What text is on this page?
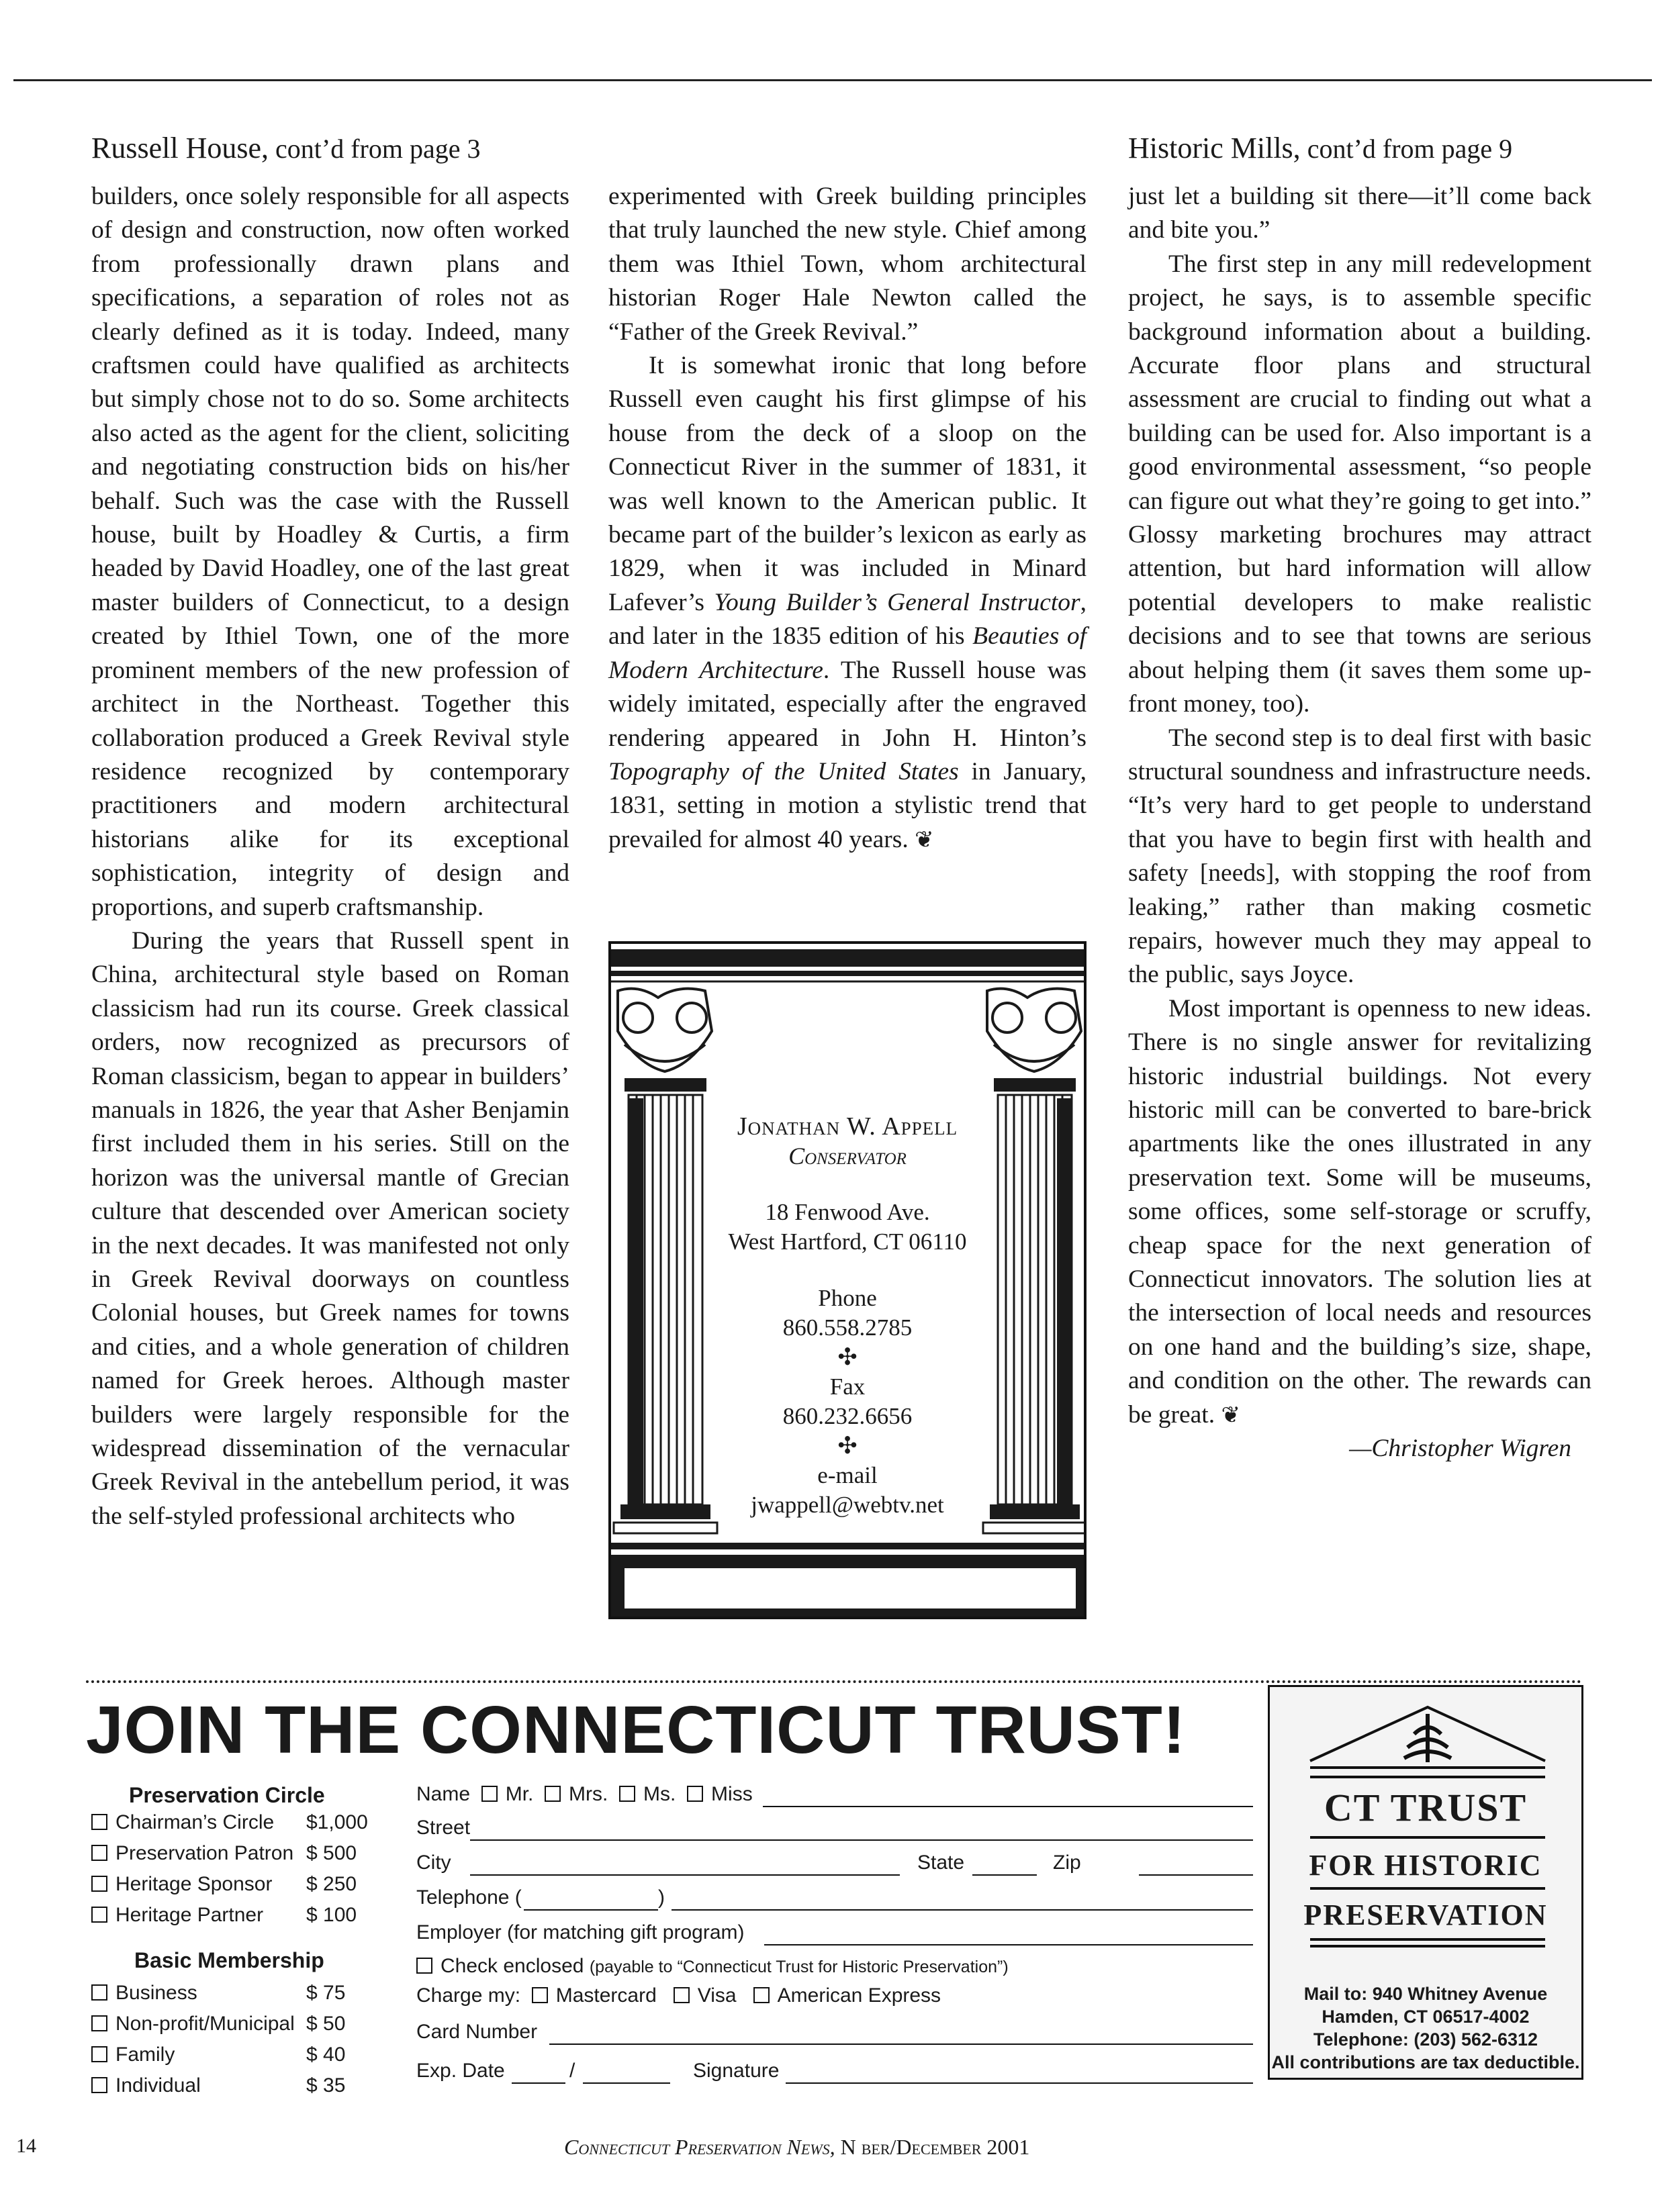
Russell House, cont’d from page 3	Historic Mills, cont’d from page 9

builders, once solely responsible for all aspects of design and construction, now often worked from professionally drawn plans and specifications, a separation of roles not as clearly defined as it is today. Indeed, many craftsmen could have qualified as architects but simply chose not to do so. Some architects also acted as the agent for the client, soliciting and negotiating construction bids on his/her behalf. Such was the case with the Russell house, built by Hoadley & Curtis, a firm headed by David Hoadley, one of the last great master builders of Connecticut, to a design created by Ithiel Town, one of the more prominent members of the new profession of architect in the Northeast. Together this collaboration produced a Greek Revival style residence recognized by contemporary practitioners and modern architectural historians alike for its exceptional sophistication, integrity of design and proportions, and superb craftsmanship.

During the years that Russell spent in China, architectural style based on Roman classicism had run its course. Greek classical orders, now recognized as precursors of Roman classicism, began to appear in builders’ manuals in 1826, the year that Asher Benjamin first included them in his series. Still on the horizon was the universal mantle of Grecian culture that descended over American society in the next decades. It was manifested not only in Greek Revival doorways on countless Colonial houses, but Greek names for towns and cities, and a whole generation of children named for Greek heroes. Although master builders were largely responsible for the widespread dissemination of the vernacular Greek Revival in the antebellum period, it was the self-styled professional architects who

experimented with Greek building principles that truly launched the new style. Chief among them was Ithiel Town, whom architectural historian Roger Hale Newton called the “Father of the Greek Revival.”

It is somewhat ironic that long before Russell even caught his first glimpse of his house from the deck of a sloop on the Connecticut River in the summer of 1831, it was well known to the American public. It became part of the builder’s lexicon as early as 1829, when it was included in Minard Lafever’s Young Builder’s General Instructor, and later in the 1835 edition of his Beauties of Modern Architecture. The Russell house was widely imitated, especially after the engraved rendering appeared in John H. Hinton’s Topography of the United States in January, 1831, setting in motion a stylistic trend that prevailed for almost 40 years. ❦

just let a building sit there—it’ll come back and bite you.”

The first step in any mill redevelopment project, he says, is to assemble specific background information about a building. Accurate floor plans and structural assessment are crucial to finding out what a building can be used for. Also important is a good environmental assessment, “so people can figure out what they’re going to get into.” Glossy marketing brochures may attract attention, but hard information will allow potential developers to make realistic decisions and to see that towns are serious about helping them (it saves them some up-front money, too).

The second step is to deal first with basic structural soundness and infrastructure needs. “It’s very hard to get people to understand that you have to begin first with health and safety [needs], with stopping the roof from leaking,” rather than making cosmetic repairs, however much they may appeal to the public, says Joyce.

Most important is openness to new ideas. There is no single answer for revitalizing historic industrial buildings. Not every historic mill can be converted to bare-brick apartments like the ones illustrated in any preservation text. Some will be museums, some offices, some self-storage or scruffy, cheap space for the next generation of Connecticut innovators. The solution lies at the intersection of local needs and resources on one hand and the building’s size, shape, and condition on the other. The rewards can be great. ❦

—Christopher Wigren

Jonathan W. Appell
Conservator
18 Fenwood Ave.
West Hartford, CT 06110
Phone
860.558.2785
✣
Fax
860.232.6656
✣
e-mail
jwappell@webtv.net
JOIN THE CONNECTICUT TRUST!
Preservation Circle
Chairman’s Circle $1,000
Preservation Patron $ 500
Heritage Sponsor $ 250
Heritage Partner $ 100
Basic Membership
Business	$ 75
Non-profit/Municipal $ 50
Family	$ 40
Individual	$ 35
Name Mr. Mrs. Ms. Miss
Street
City	State	Zip
Telephone (	)
Employer (for matching gift program)
Check enclosed (payable to “Connecticut Trust for Historic Preservation”)
Charge my: Mastercard Visa American Express
Card Number
Exp. Date	/	Signature
CT TRUST
FOR HISTORIC
PRESERVATION
Mail to: 940 Whitney Avenue
Hamden, CT 06517-4002
Telephone: (203) 562-6312
All contributions are tax deductible.
14	Connecticut Preservation News, N ber/December 2001
